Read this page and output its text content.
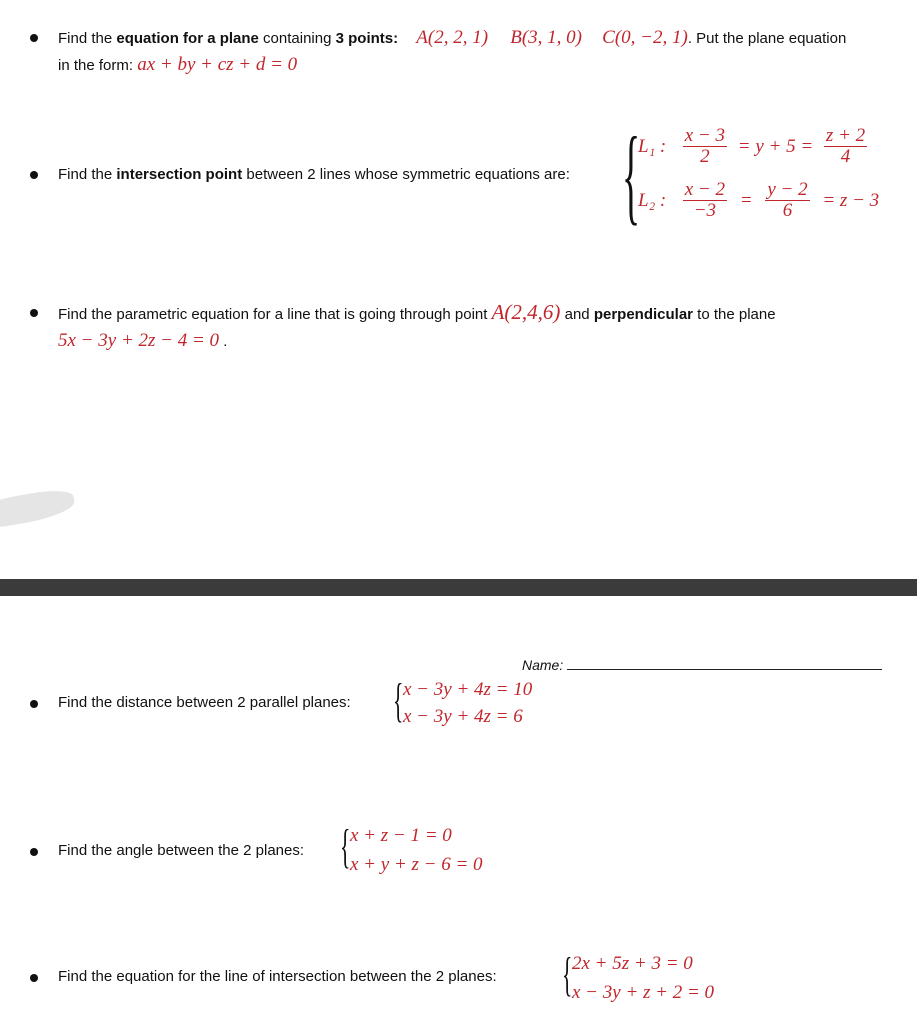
Find the equation for a plane containing 3 points: A(2, 2, 1) B(3, 1, 0) C(0, −2, 1). Put the plane equation
in the form: ax + by + cz + d = 0
Find the intersection point between 2 lines whose symmetric equations are: {
L₁ : $\frac{x - 3}{2} = y + 5 = \frac{z + 2}{4}$
L₂ : $\frac{x - 2}{-3} = \frac{y - 2}{6} = z - 3$
Find the parametric equation for a line that is going through point A(2,4,6) and perpendicular to the plane
5x − 3y + 2z − 4 = 0 .
Name:
Find the distance between 2 parallel planes: { x − 3y + 4z = 10
x − 3y + 4z = 6
Find the angle between the 2 planes: { x + z − 1 = 0
x + y + z − 6 = 0
Find the equation for the line of intersection between the 2 planes: { 2x + 5z + 3 = 0
x − 3y + z + 2 = 0
